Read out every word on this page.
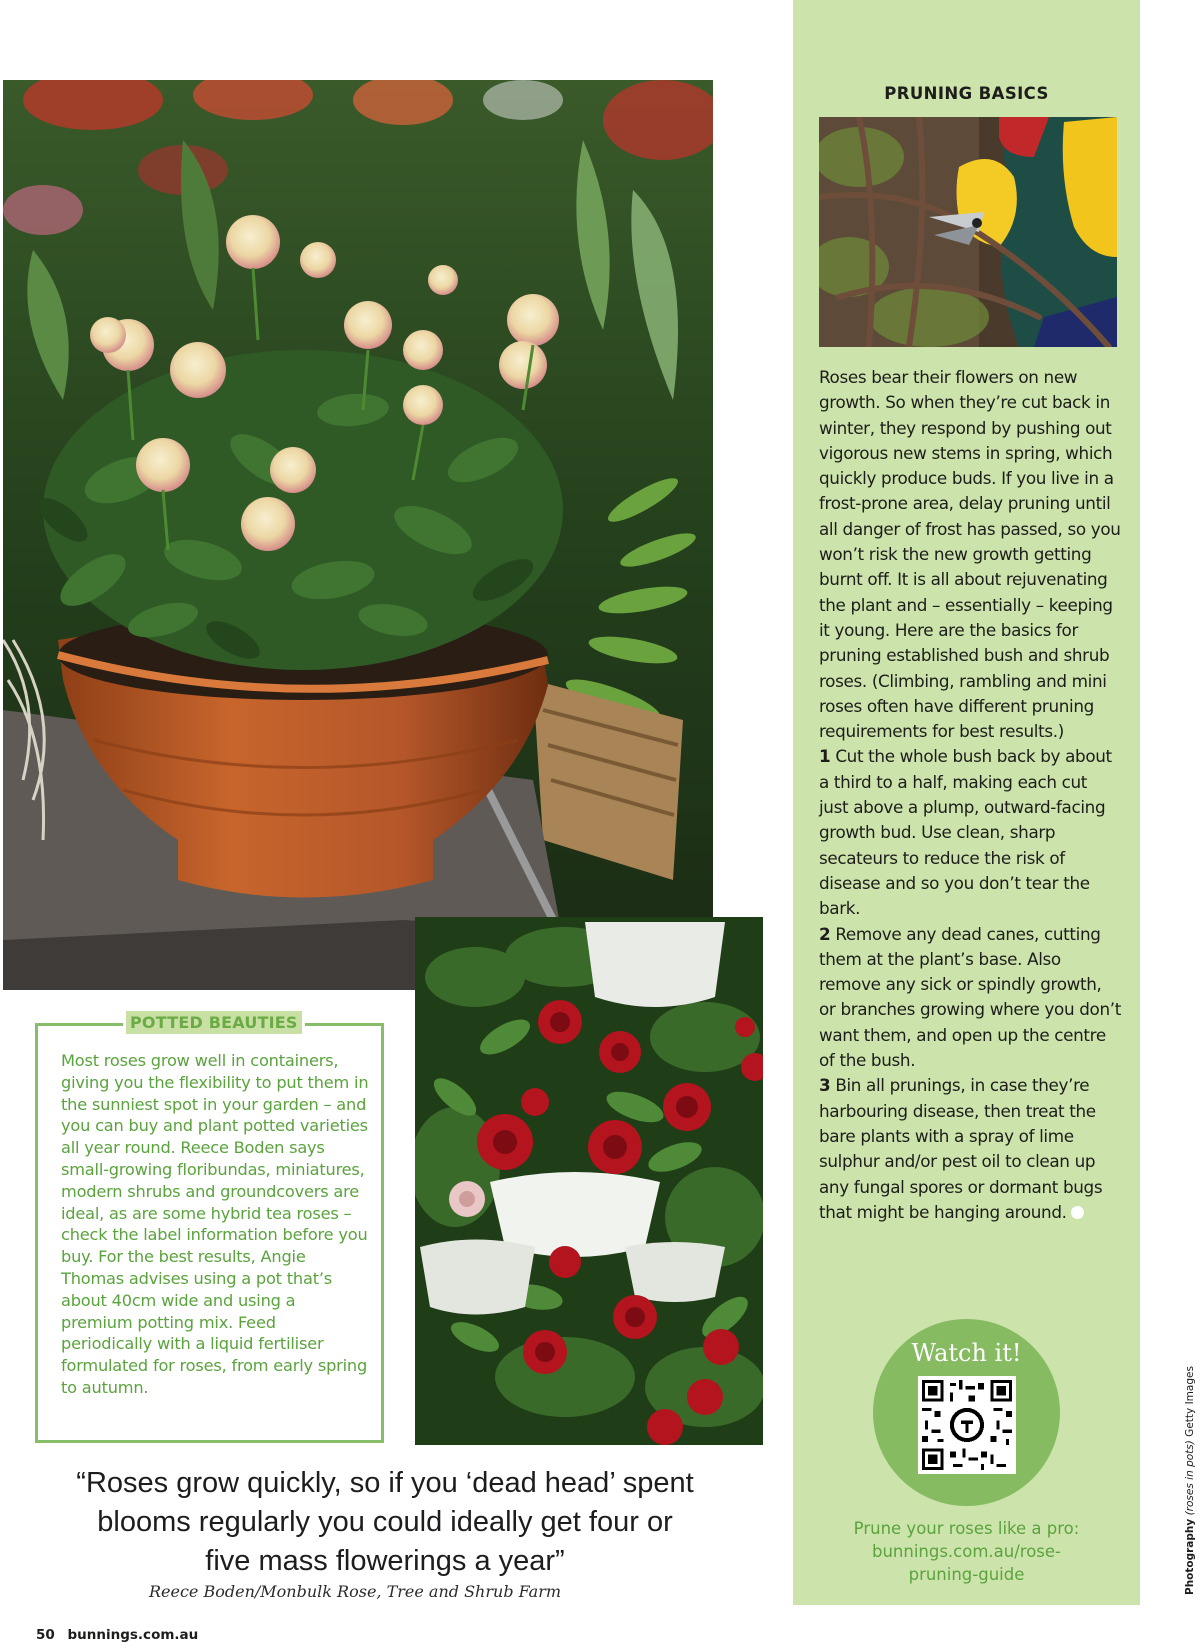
POTTED BEAUTIES
Most roses grow well in containers, giving you the flexibility to put them in the sunniest spot in your garden – and you can buy and plant potted varieties all year round. Reece Boden says small-growing floribundas, miniatures, modern shrubs and groundcovers are ideal, as are some hybrid tea roses – check the label information before you buy. For the best results, Angie Thomas advises using a pot that’s about 40cm wide and using a premium potting mix. Feed periodically with a liquid fertiliser formulated for roses, from early spring to autumn.
“Roses grow quickly, so if you ‘dead head’ spent
blooms regularly you could ideally get four or
five mass flowerings a year”
Reece Boden/Monbulk Rose, Tree and Shrub Farm
50 bunnings.com.au
PRUNING BASICS

Roses bear their flowers on new growth. So when they’re cut back in winter, they respond by pushing out vigorous new stems in spring, which quickly produce buds. If you live in a frost-prone area, delay pruning until all danger of frost has passed, so you won’t risk the new growth getting burnt off. It is all about rejuvenating the plant and – essentially – keeping it young. Here are the basics for pruning established bush and shrub roses. (Climbing, rambling and mini roses often have different pruning requirements for best results.)

1 Cut the whole bush back by about a third to a half, making each cut just above a plump, outward-facing growth bud. Use clean, sharp secateurs to reduce the risk of disease and so you don’t tear the bark.

2 Remove any dead canes, cutting them at the plant’s base. Also remove any sick or spindly growth, or branches growing where you don’t want them, and open up the centre of the bush.

3 Bin all prunings, in case they’re harbouring disease, then treat the bare plants with a spray of lime sulphur and/or pest oil to clean up any fungal spores or dormant bugs that might be hanging around.

Watch it!
Prune your roses like a pro:
bunnings.com.au/rose-
pruning-guide	Photography (roses in pots) Getty Images
